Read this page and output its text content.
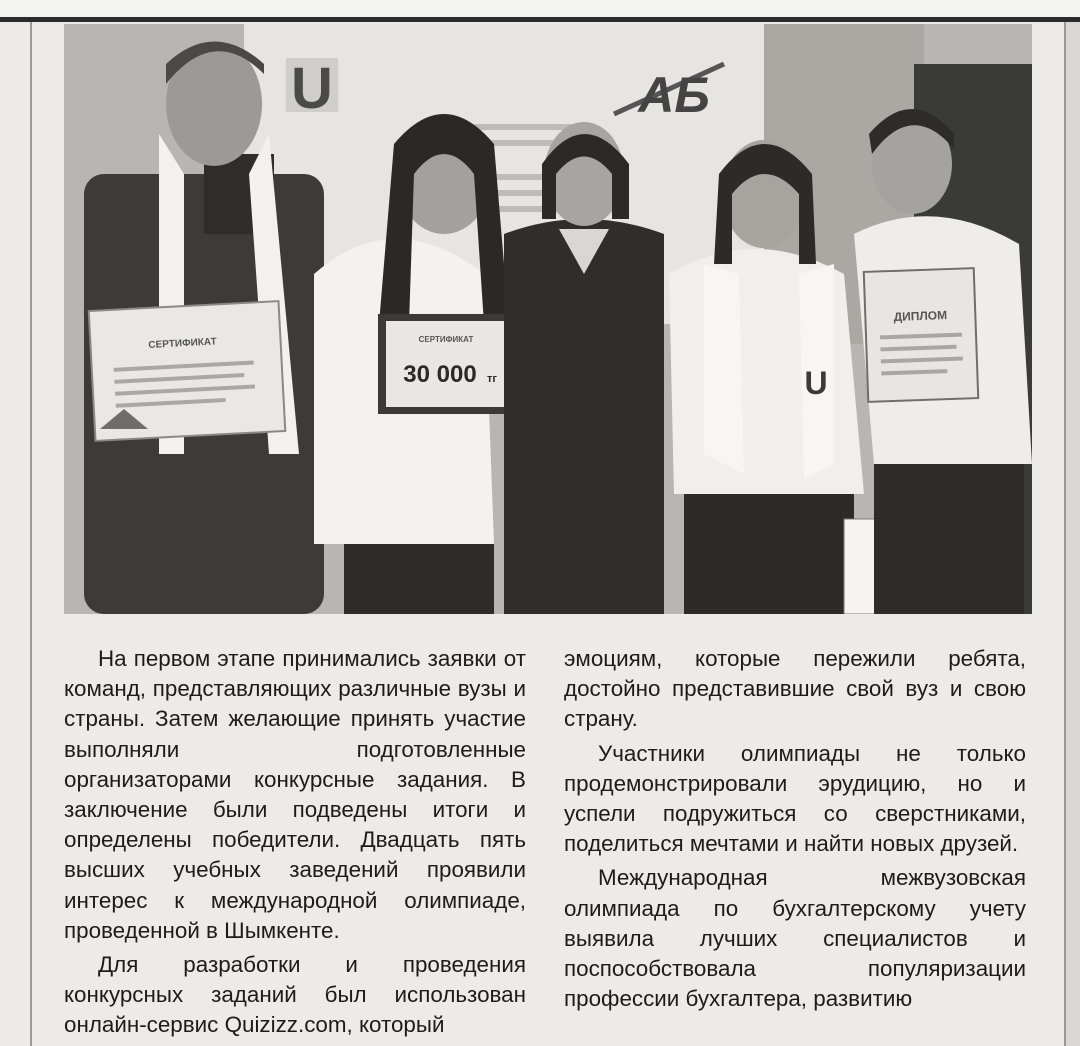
U	АБ
СЕРТИФИКАТ	СЕРТИФИКАТ
30 000 тг	U
ДИПЛОМ

На первом этапе принимались заявки от команд, представляющих различные вузы и страны. Затем желающие принять участие выполняли подготовленные организаторами конкурсные задания. В заключение были подведены итоги и определены победители. Двадцать пять высших учебных заведений проявили интерес к международной олимпиаде, проведенной в Шымкенте.

Для разработки и проведения конкурсных заданий был использован онлайн-сервис Quizizz.com, который

эмоциям, которые пережили ребята, достойно представившие свой вуз и свою страну.

Участники олимпиады не только продемонстрировали эрудицию, но и успели подружиться со сверстниками, поделиться мечтами и найти новых друзей.

Международная межвузовская олимпиада по бухгалтерскому учету выявила лучших специалистов и поспособствовала популяризации профессии бухгалтера, развитию
